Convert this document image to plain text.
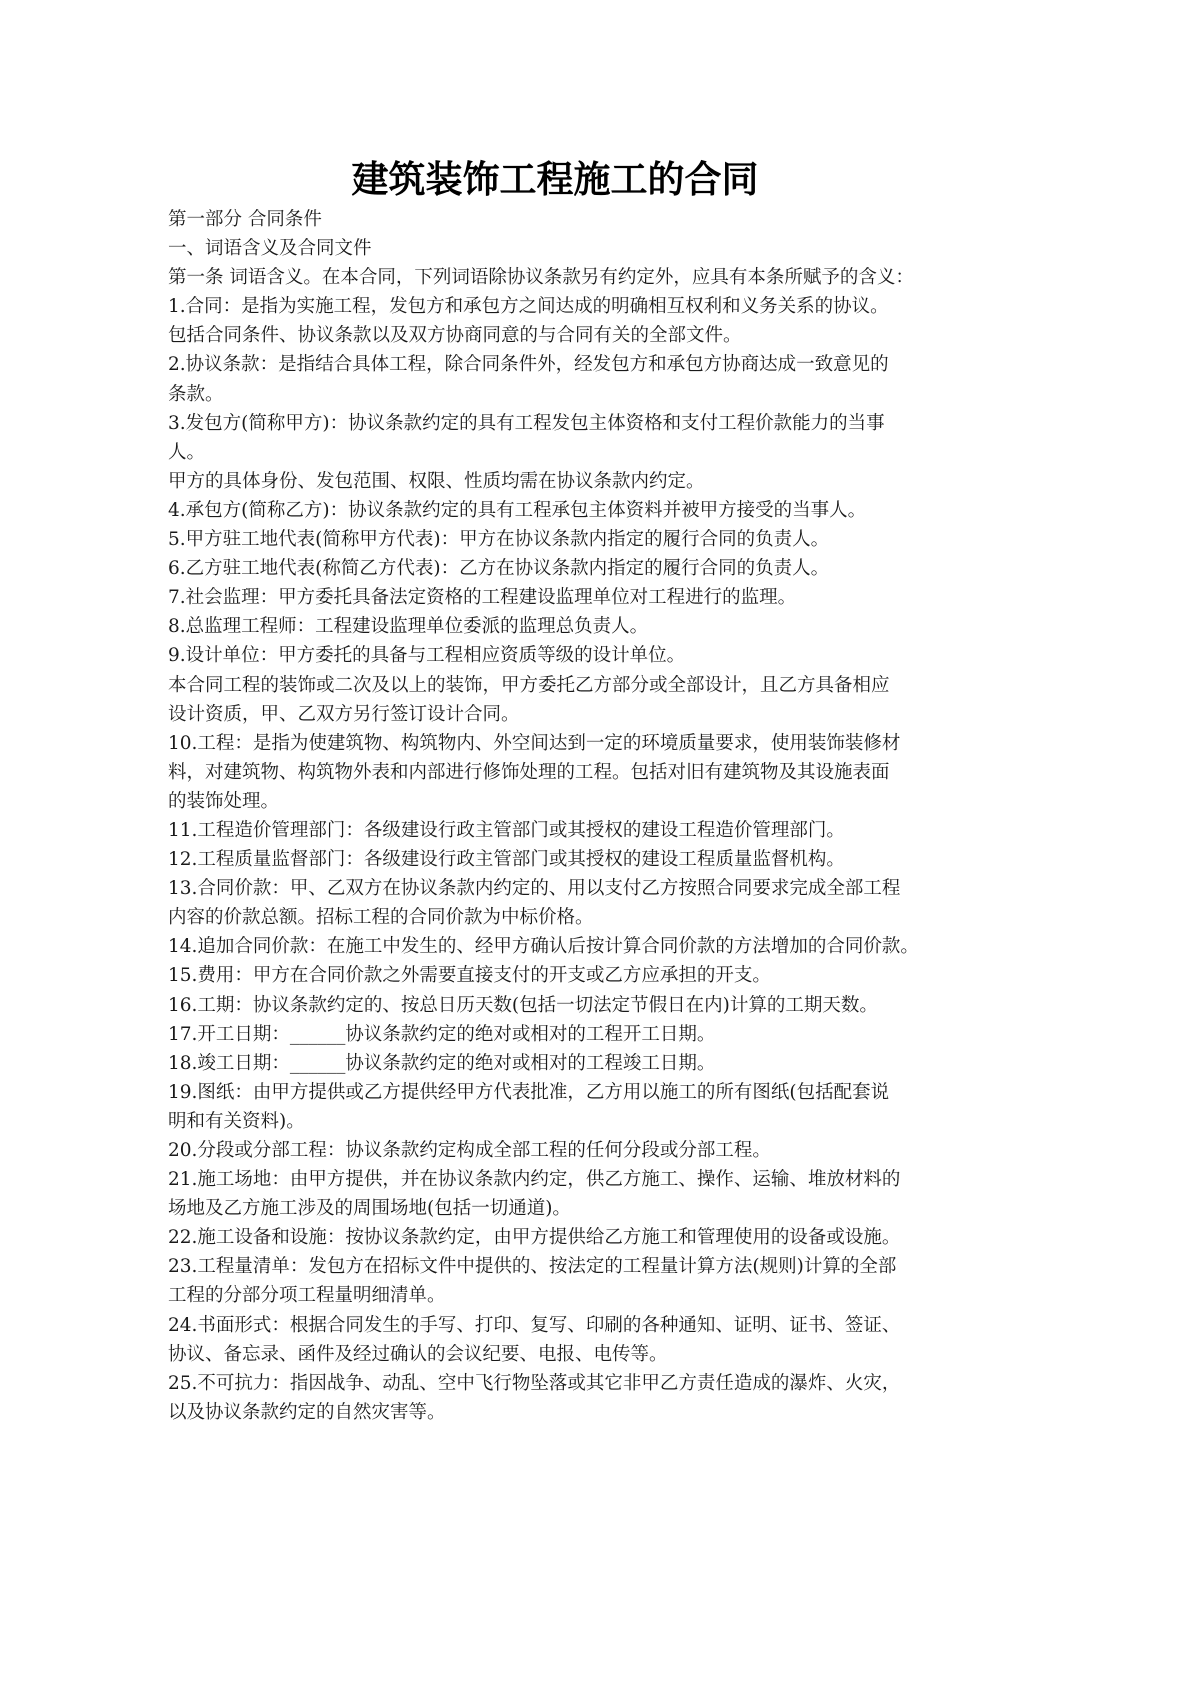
建筑装饰工程施工的合同
第一部分 合同条件
一、词语含义及合同文件
第一条 词语含义。在本合同，下列词语除协议条款另有约定外，应具有本条所赋予的含义：
1.合同：是指为实施工程，发包方和承包方之间达成的明确相互权利和义务关系的协议。
包括合同条件、协议条款以及双方协商同意的与合同有关的全部文件。
2.协议条款：是指结合具体工程，除合同条件外，经发包方和承包方协商达成一致意见的
条款。
3.发包方(简称甲方)：协议条款约定的具有工程发包主体资格和支付工程价款能力的当事
人。
甲方的具体身份、发包范围、权限、性质均需在协议条款内约定。
4.承包方(简称乙方)：协议条款约定的具有工程承包主体资料并被甲方接受的当事人。
5.甲方驻工地代表(简称甲方代表)：甲方在协议条款内指定的履行合同的负责人。
6.乙方驻工地代表(称简乙方代表)：乙方在协议条款内指定的履行合同的负责人。
7.社会监理：甲方委托具备法定资格的工程建设监理单位对工程进行的监理。
8.总监理工程师：工程建设监理单位委派的监理总负责人。
9.设计单位：甲方委托的具备与工程相应资质等级的设计单位。
本合同工程的装饰或二次及以上的装饰，甲方委托乙方部分或全部设计，且乙方具备相应
设计资质，甲、乙双方另行签订设计合同。
10.工程：是指为使建筑物、构筑物内、外空间达到一定的环境质量要求，使用装饰装修材
料，对建筑物、构筑物外表和内部进行修饰处理的工程。包括对旧有建筑物及其设施表面
的装饰处理。
11.工程造价管理部门：各级建设行政主管部门或其授权的建设工程造价管理部门。
12.工程质量监督部门：各级建设行政主管部门或其授权的建设工程质量监督机构。
13.合同价款：甲、乙双方在协议条款内约定的、用以支付乙方按照合同要求完成全部工程
内容的价款总额。招标工程的合同价款为中标价格。
14.追加合同价款：在施工中发生的、经甲方确认后按计算合同价款的方法增加的合同价款。
15.费用：甲方在合同价款之外需要直接支付的开支或乙方应承担的开支。
16.工期：协议条款约定的、按总日历天数(包括一切法定节假日在内)计算的工期天数。
17.开工日期：______协议条款约定的绝对或相对的工程开工日期。
18.竣工日期：______协议条款约定的绝对或相对的工程竣工日期。
19.图纸：由甲方提供或乙方提供经甲方代表批准，乙方用以施工的所有图纸(包括配套说
明和有关资料)。
20.分段或分部工程：协议条款约定构成全部工程的任何分段或分部工程。
21.施工场地：由甲方提供，并在协议条款内约定，供乙方施工、操作、运输、堆放材料的
场地及乙方施工涉及的周围场地(包括一切通道)。
22.施工设备和设施：按协议条款约定，由甲方提供给乙方施工和管理使用的设备或设施。
23.工程量清单：发包方在招标文件中提供的、按法定的工程量计算方法(规则)计算的全部
工程的分部分项工程量明细清单。
24.书面形式：根据合同发生的手写、打印、复写、印刷的各种通知、证明、证书、签证、
协议、备忘录、函件及经过确认的会议纪要、电报、电传等。
25.不可抗力：指因战争、动乱、空中飞行物坠落或其它非甲乙方责任造成的瀑炸、火灾，
以及协议条款约定的自然灾害等。
